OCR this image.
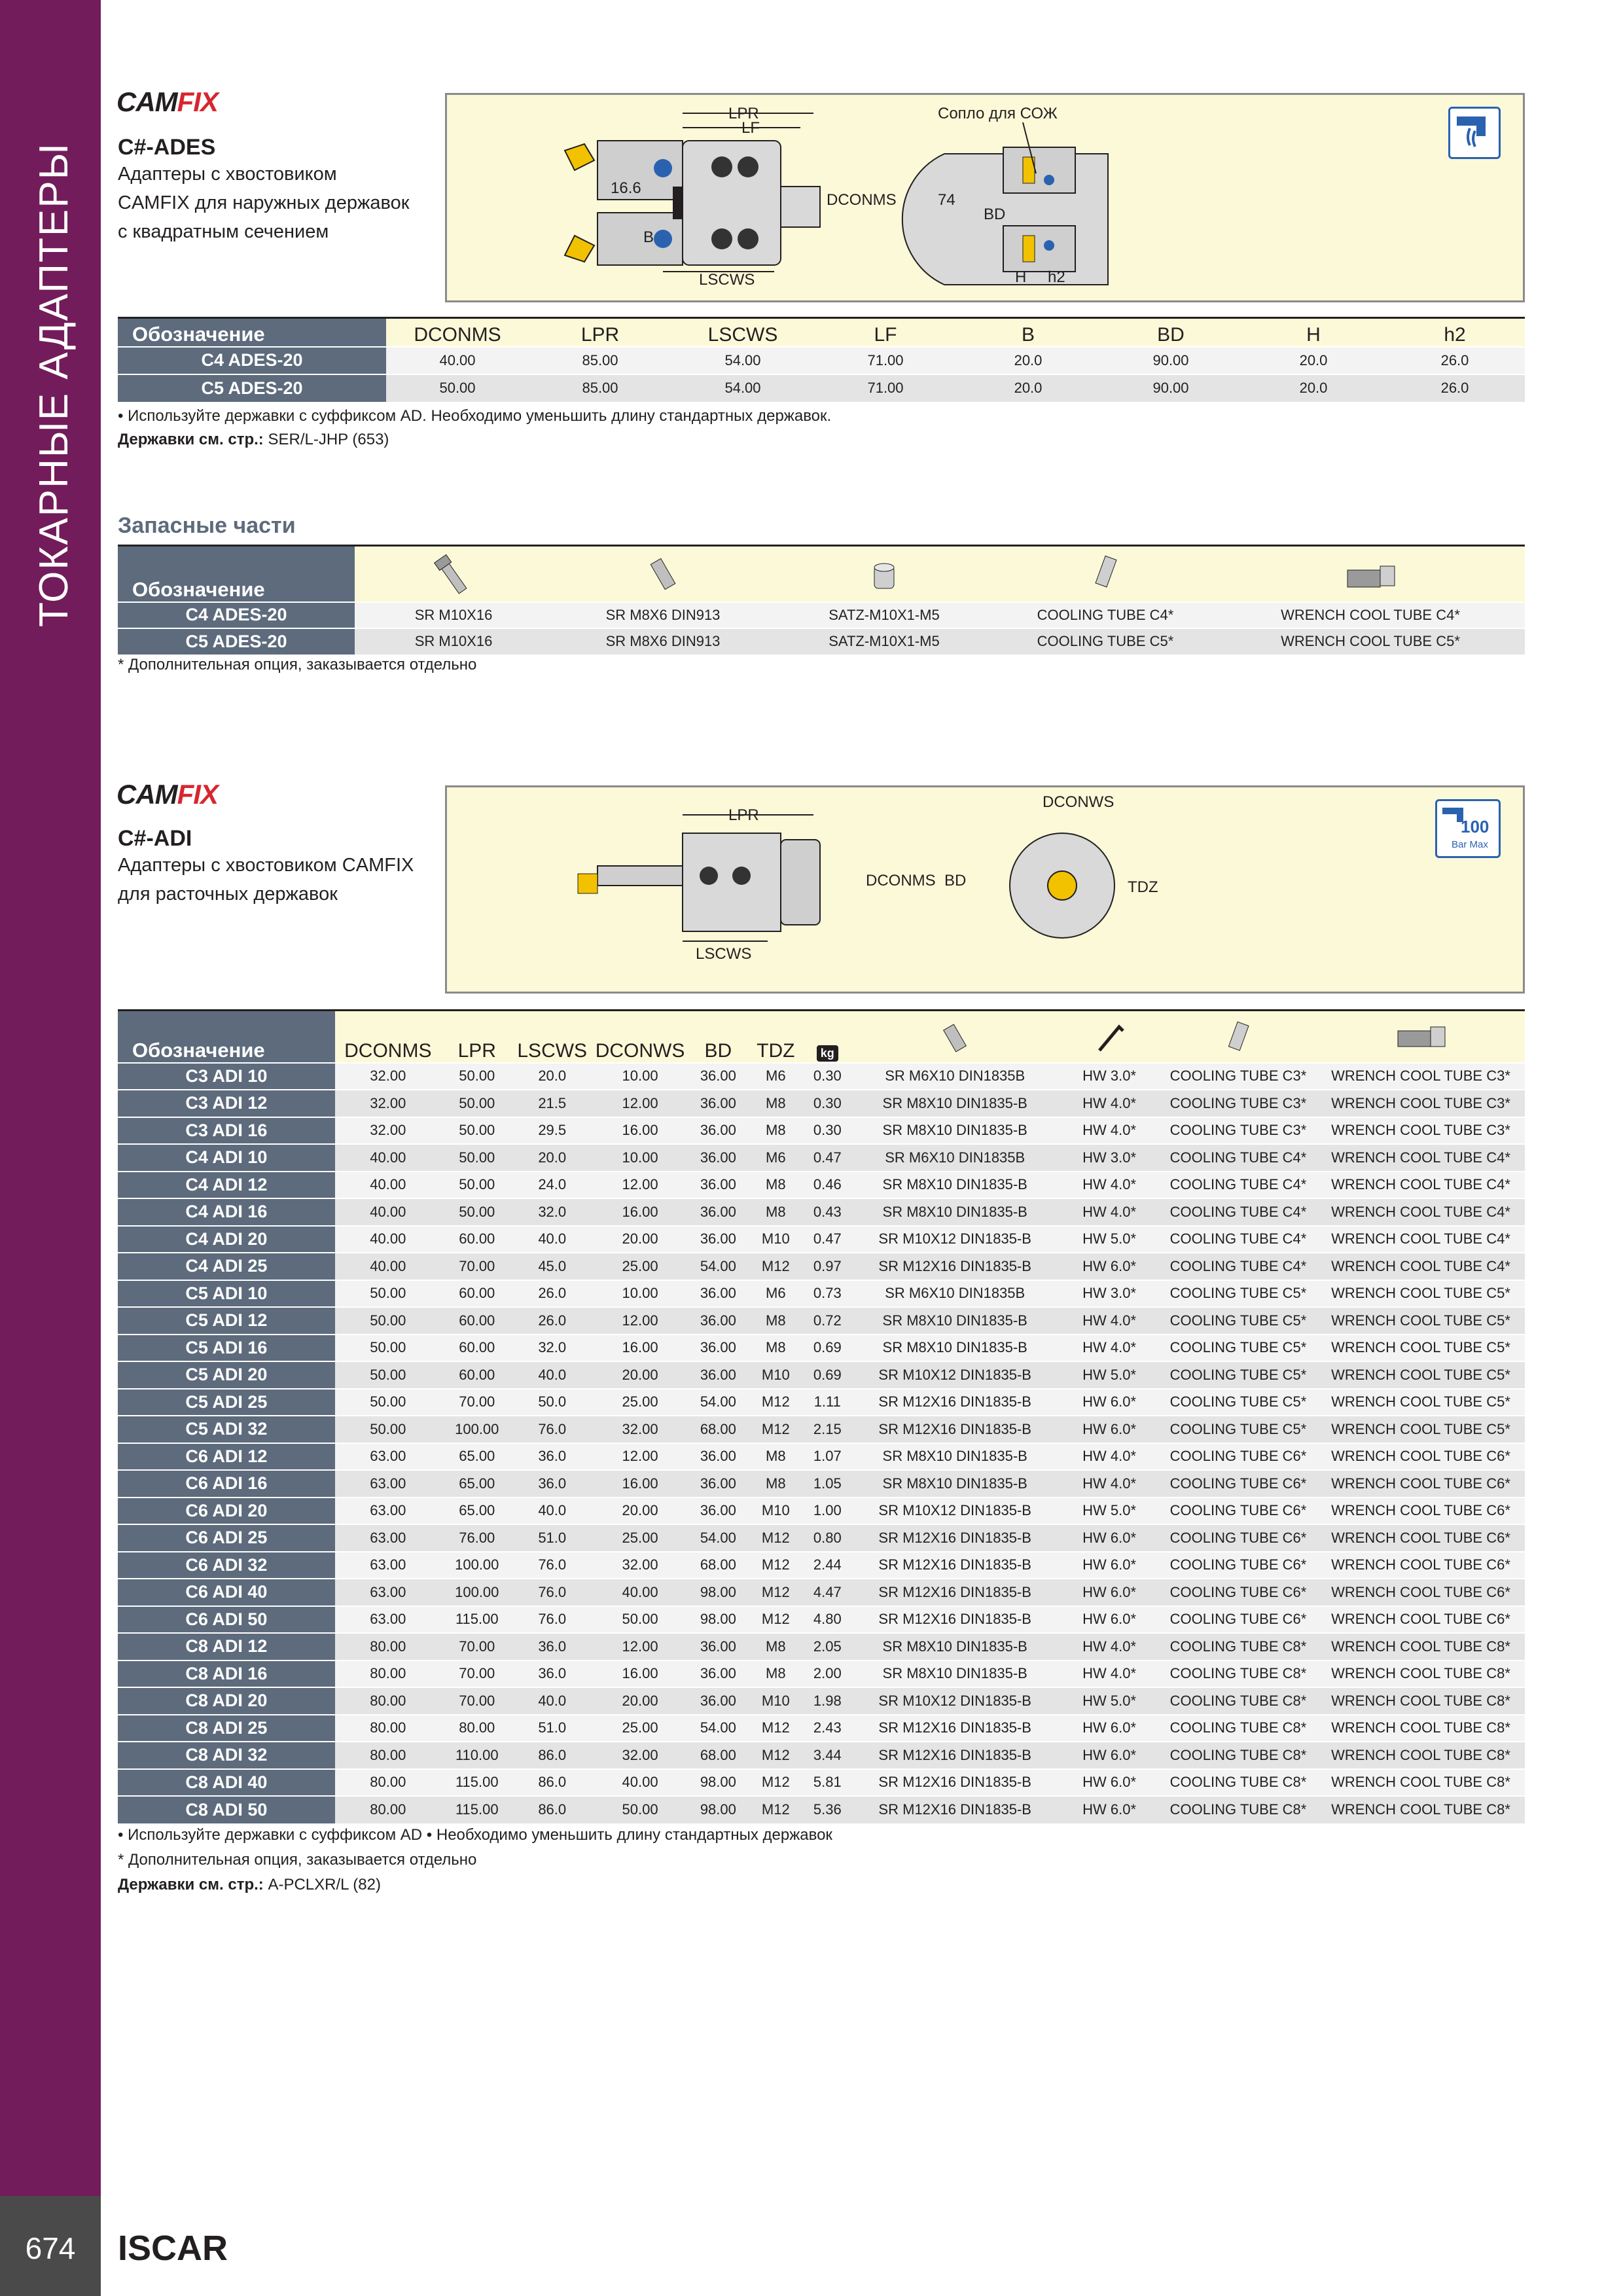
ТОКАРНЫЕ АДАПТЕРЫ
674	ISCAR
CAMFIX
C#-ADES
Адаптеры с хвостовиком
CAMFIX для наружных державок
с квадратным сечением
LPR
LF
16.6
B
LSCWS
DCONMS	74
BD
Сопло для СОЖ
H h2
Обозначение	DCONMS	LPR	LSCWS	LF	B	BD	H	h2
C4 ADES-20	40.00	85.00	54.00	71.00	20.0	90.00	20.0	26.0
C5 ADES-20	50.00	85.00	54.00	71.00	20.0	90.00	20.0	26.0
• Используйте державки с суффиксом AD. Необходимо уменьшить длину стандартных державок.
Державки см. стр.: SER/L-JHP (653)
Запасные части
Обозначение					
C4 ADES-20	SR M10X16	SR M8X6 DIN913	SATZ-M10X1-M5	COOLING TUBE C4*	WRENCH COOL TUBE C4*
C5 ADES-20	SR M10X16	SR M8X6 DIN913	SATZ-M10X1-M5	COOLING TUBE C5*	WRENCH COOL TUBE C5*
* Дополнительная опция, заказывается отдельно
CAMFIX
C#-ADI
Адаптеры с хвостовиком CAMFIX
для расточных державок
LPR
LSCWS
DCONMS BD
DCONWS
TDZ
100
Bar Max
Обозначение	DCONMS	LPR	LSCWS	DCONWS	BD	TDZ	kg				
C3 ADI 10	32.00	50.00	20.0	10.00	36.00	M6	0.30	SR M6X10 DIN1835B	HW 3.0*	COOLING TUBE C3*	WRENCH COOL TUBE C3*
C3 ADI 12	32.00	50.00	21.5	12.00	36.00	M8	0.30	SR M8X10 DIN1835-B	HW 4.0*	COOLING TUBE C3*	WRENCH COOL TUBE C3*
C3 ADI 16	32.00	50.00	29.5	16.00	36.00	M8	0.30	SR M8X10 DIN1835-B	HW 4.0*	COOLING TUBE C3*	WRENCH COOL TUBE C3*
C4 ADI 10	40.00	50.00	20.0	10.00	36.00	M6	0.47	SR M6X10 DIN1835B	HW 3.0*	COOLING TUBE C4*	WRENCH COOL TUBE C4*
C4 ADI 12	40.00	50.00	24.0	12.00	36.00	M8	0.46	SR M8X10 DIN1835-B	HW 4.0*	COOLING TUBE C4*	WRENCH COOL TUBE C4*
C4 ADI 16	40.00	50.00	32.0	16.00	36.00	M8	0.43	SR M8X10 DIN1835-B	HW 4.0*	COOLING TUBE C4*	WRENCH COOL TUBE C4*
C4 ADI 20	40.00	60.00	40.0	20.00	36.00	M10	0.47	SR M10X12 DIN1835-B	HW 5.0*	COOLING TUBE C4*	WRENCH COOL TUBE C4*
C4 ADI 25	40.00	70.00	45.0	25.00	54.00	M12	0.97	SR M12X16 DIN1835-B	HW 6.0*	COOLING TUBE C4*	WRENCH COOL TUBE C4*
C5 ADI 10	50.00	60.00	26.0	10.00	36.00	M6	0.73	SR M6X10 DIN1835B	HW 3.0*	COOLING TUBE C5*	WRENCH COOL TUBE C5*
C5 ADI 12	50.00	60.00	26.0	12.00	36.00	M8	0.72	SR M8X10 DIN1835-B	HW 4.0*	COOLING TUBE C5*	WRENCH COOL TUBE C5*
C5 ADI 16	50.00	60.00	32.0	16.00	36.00	M8	0.69	SR M8X10 DIN1835-B	HW 4.0*	COOLING TUBE C5*	WRENCH COOL TUBE C5*
C5 ADI 20	50.00	60.00	40.0	20.00	36.00	M10	0.69	SR M10X12 DIN1835-B	HW 5.0*	COOLING TUBE C5*	WRENCH COOL TUBE C5*
C5 ADI 25	50.00	70.00	50.0	25.00	54.00	M12	1.11	SR M12X16 DIN1835-B	HW 6.0*	COOLING TUBE C5*	WRENCH COOL TUBE C5*
C5 ADI 32	50.00	100.00	76.0	32.00	68.00	M12	2.15	SR M12X16 DIN1835-B	HW 6.0*	COOLING TUBE C5*	WRENCH COOL TUBE C5*
C6 ADI 12	63.00	65.00	36.0	12.00	36.00	M8	1.07	SR M8X10 DIN1835-B	HW 4.0*	COOLING TUBE C6*	WRENCH COOL TUBE C6*
C6 ADI 16	63.00	65.00	36.0	16.00	36.00	M8	1.05	SR M8X10 DIN1835-B	HW 4.0*	COOLING TUBE C6*	WRENCH COOL TUBE C6*
C6 ADI 20	63.00	65.00	40.0	20.00	36.00	M10	1.00	SR M10X12 DIN1835-B	HW 5.0*	COOLING TUBE C6*	WRENCH COOL TUBE C6*
C6 ADI 25	63.00	76.00	51.0	25.00	54.00	M12	0.80	SR M12X16 DIN1835-B	HW 6.0*	COOLING TUBE C6*	WRENCH COOL TUBE C6*
C6 ADI 32	63.00	100.00	76.0	32.00	68.00	M12	2.44	SR M12X16 DIN1835-B	HW 6.0*	COOLING TUBE C6*	WRENCH COOL TUBE C6*
C6 ADI 40	63.00	100.00	76.0	40.00	98.00	M12	4.47	SR M12X16 DIN1835-B	HW 6.0*	COOLING TUBE C6*	WRENCH COOL TUBE C6*
C6 ADI 50	63.00	115.00	76.0	50.00	98.00	M12	4.80	SR M12X16 DIN1835-B	HW 6.0*	COOLING TUBE C6*	WRENCH COOL TUBE C6*
C8 ADI 12	80.00	70.00	36.0	12.00	36.00	M8	2.05	SR M8X10 DIN1835-B	HW 4.0*	COOLING TUBE C8*	WRENCH COOL TUBE C8*
C8 ADI 16	80.00	70.00	36.0	16.00	36.00	M8	2.00	SR M8X10 DIN1835-B	HW 4.0*	COOLING TUBE C8*	WRENCH COOL TUBE C8*
C8 ADI 20	80.00	70.00	40.0	20.00	36.00	M10	1.98	SR M10X12 DIN1835-B	HW 5.0*	COOLING TUBE C8*	WRENCH COOL TUBE C8*
C8 ADI 25	80.00	80.00	51.0	25.00	54.00	M12	2.43	SR M12X16 DIN1835-B	HW 6.0*	COOLING TUBE C8*	WRENCH COOL TUBE C8*
C8 ADI 32	80.00	110.00	86.0	32.00	68.00	M12	3.44	SR M12X16 DIN1835-B	HW 6.0*	COOLING TUBE C8*	WRENCH COOL TUBE C8*
C8 ADI 40	80.00	115.00	86.0	40.00	98.00	M12	5.81	SR M12X16 DIN1835-B	HW 6.0*	COOLING TUBE C8*	WRENCH COOL TUBE C8*
C8 ADI 50	80.00	115.00	86.0	50.00	98.00	M12	5.36	SR M12X16 DIN1835-B	HW 6.0*	COOLING TUBE C8*	WRENCH COOL TUBE C8*
• Используйте державки с суффиксом AD • Необходимо уменьшить длину стандартных державок
* Дополнительная опция, заказывается отдельно
Державки см. стр.: A-PCLXR/L (82)
